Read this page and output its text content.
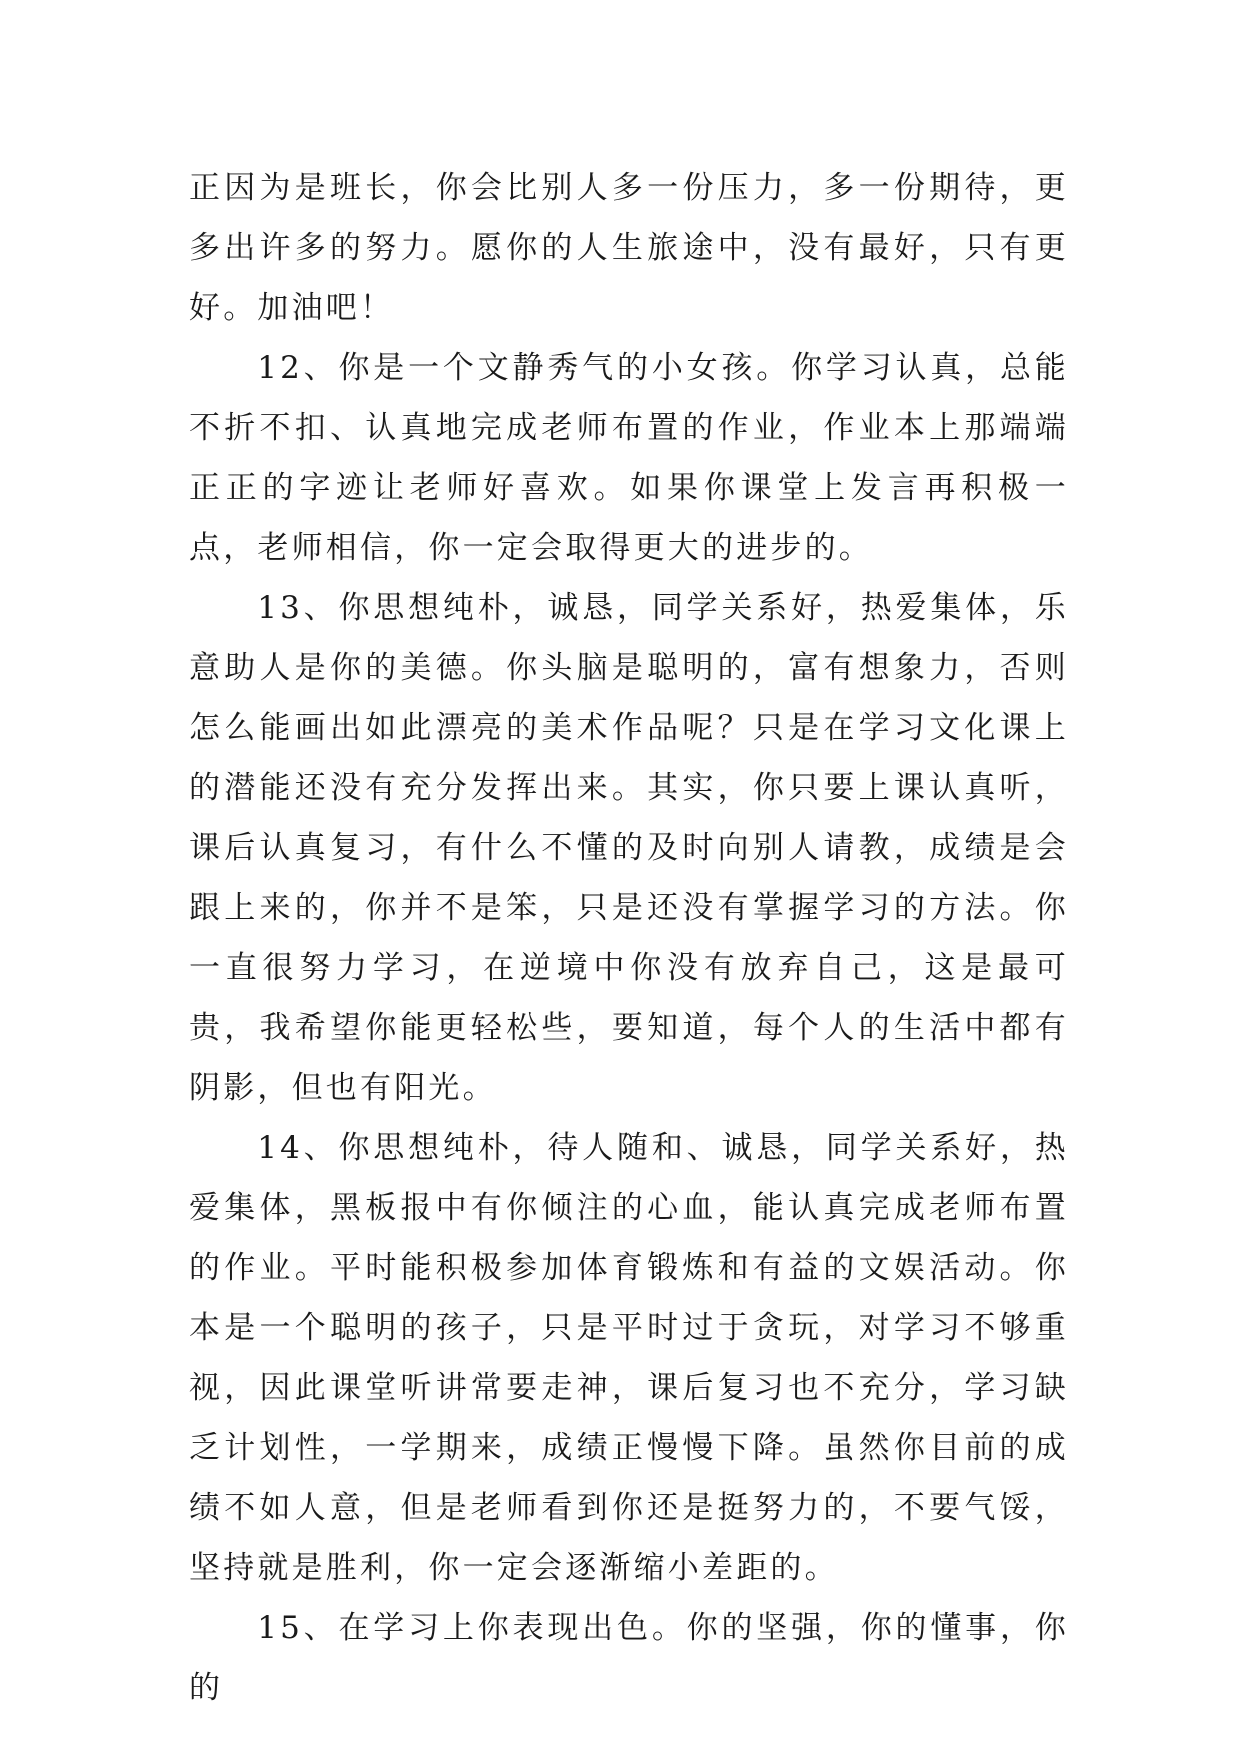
正因为是班长，你会比别人多一份压力，多一份期待，更多出许多的努力。愿你的人生旅途中，没有最好，只有更好。加油吧！

12、你是一个文静秀气的小女孩。你学习认真，总能不折不扣、认真地完成老师布置的作业，作业本上那端端正正的字迹让老师好喜欢。如果你课堂上发言再积极一点，老师相信，你一定会取得更大的进步的。

13、你思想纯朴，诚恳，同学关系好，热爱集体，乐意助人是你的美德。你头脑是聪明的，富有想象力，否则怎么能画出如此漂亮的美术作品呢？只是在学习文化课上的潜能还没有充分发挥出来。其实，你只要上课认真听，课后认真复习，有什么不懂的及时向别人请教，成绩是会跟上来的，你并不是笨，只是还没有掌握学习的方法。你一直很努力学习，在逆境中你没有放弃自己，这是最可贵，我希望你能更轻松些，要知道，每个人的生活中都有阴影，但也有阳光。

14、你思想纯朴，待人随和、诚恳，同学关系好，热爱集体，黑板报中有你倾注的心血，能认真完成老师布置的作业。平时能积极参加体育锻炼和有益的文娱活动。你本是一个聪明的孩子，只是平时过于贪玩，对学习不够重视，因此课堂听讲常要走神，课后复习也不充分，学习缺乏计划性，一学期来，成绩正慢慢下降。虽然你目前的成绩不如人意，但是老师看到你还是挺努力的，不要气馁，坚持就是胜利，你一定会逐渐缩小差距的。

15、在学习上你表现出色。你的坚强，你的懂事，你的
